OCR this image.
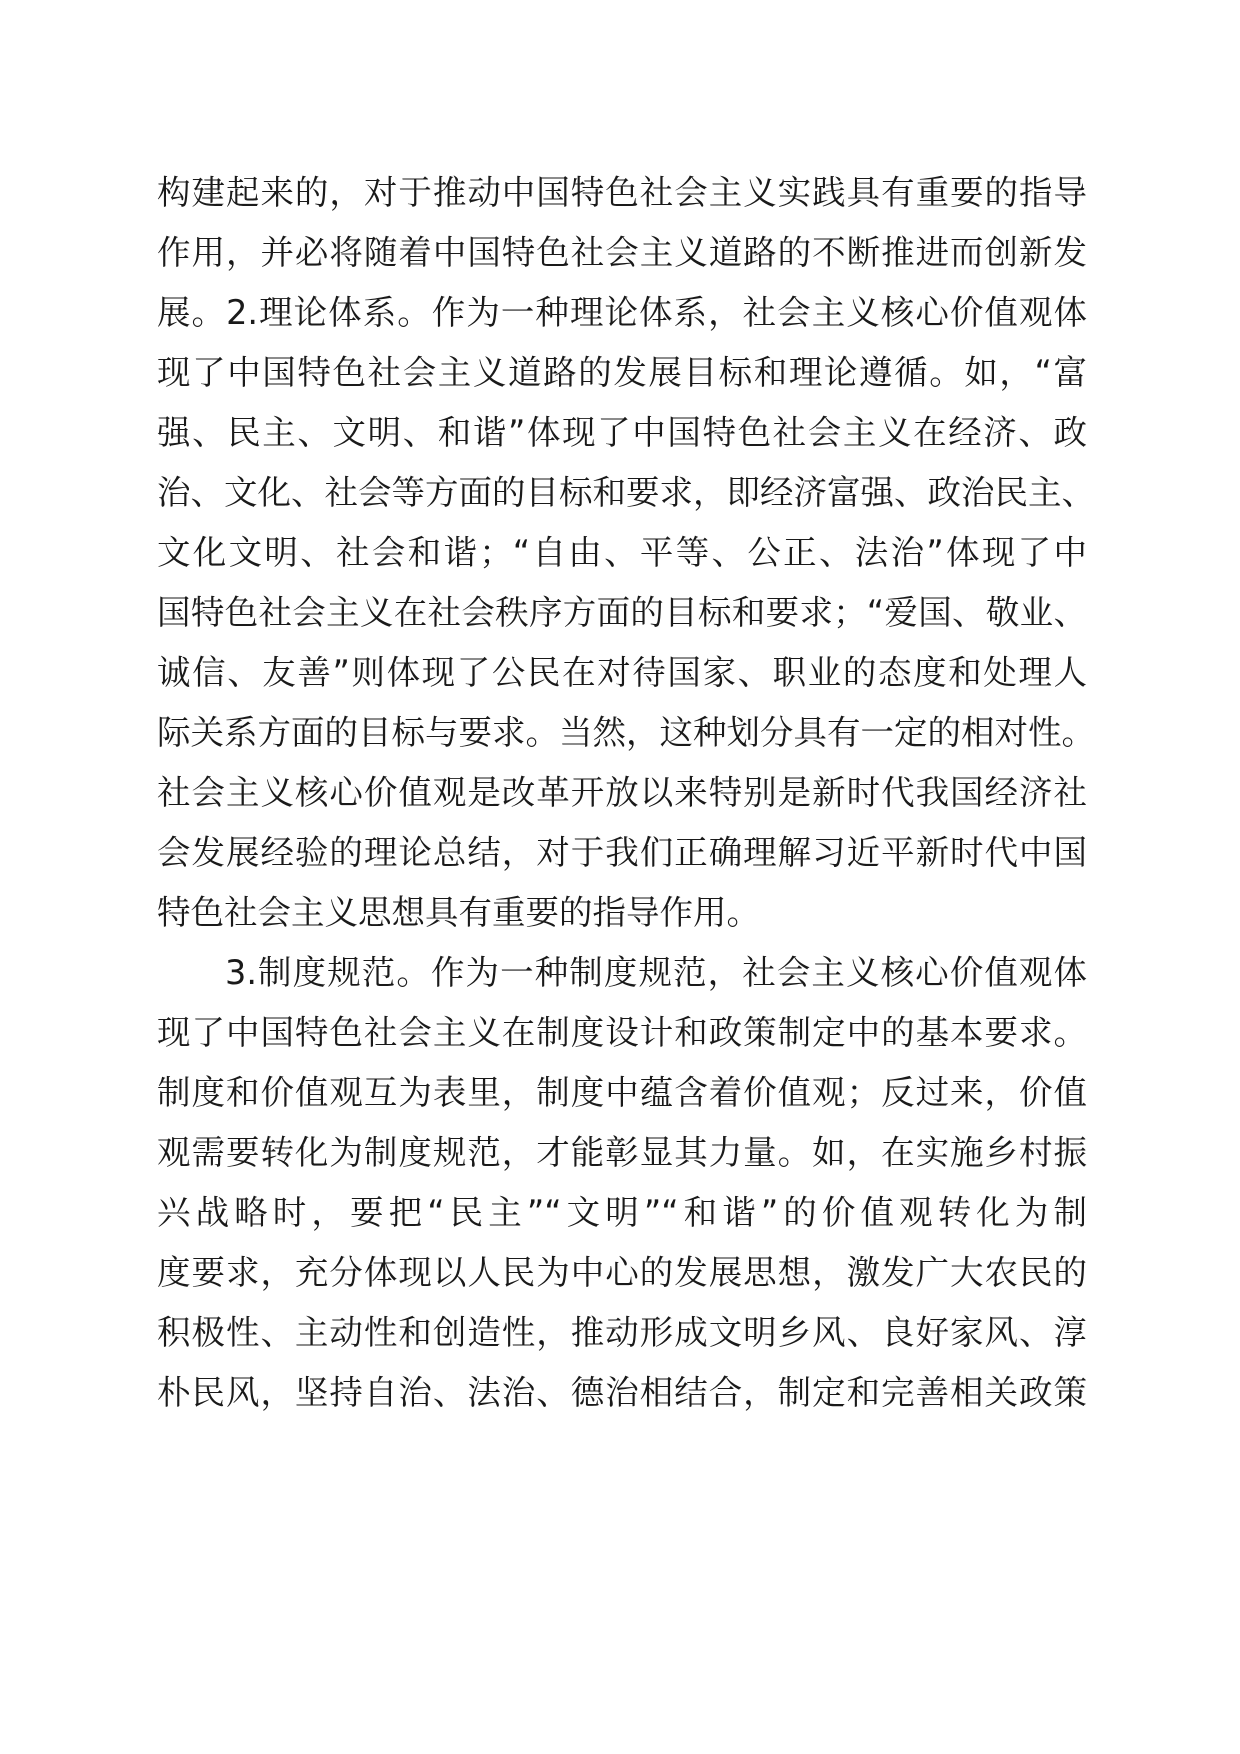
构建起来的，对于推动中国特色社会主义实践具有重要的指导
作用，并必将随着中国特色社会主义道路的不断推进而创新发
展。2.理论体系。作为一种理论体系，社会主义核心价值观体
现了中国特色社会主义道路的发展目标和理论遵循。如，“富
强、民主、文明、和谐”体现了中国特色社会主义在经济、政
治、文化、社会等方面的目标和要求，即经济富强、政治民主、
文化文明、社会和谐；“自由、平等、公正、法治”体现了中
国特色社会主义在社会秩序方面的目标和要求；“爱国、敬业、
诚信、友善”则体现了公民在对待国家、职业的态度和处理人
际关系方面的目标与要求。当然，这种划分具有一定的相对性。
社会主义核心价值观是改革开放以来特别是新时代我国经济社
会发展经验的理论总结，对于我们正确理解习近平新时代中国
特色社会主义思想具有重要的指导作用。
3.制度规范。作为一种制度规范，社会主义核心价值观体
现了中国特色社会主义在制度设计和政策制定中的基本要求。
制度和价值观互为表里，制度中蕴含着价值观；反过来，价值
观需要转化为制度规范，才能彰显其力量。如，在实施乡村振
兴战略时，要把“民主”“文明”“和谐”的价值观转化为制
度要求，充分体现以人民为中心的发展思想，激发广大农民的
积极性、主动性和创造性，推动形成文明乡风、良好家风、淳
朴民风，坚持自治、法治、德治相结合，制定和完善相关政策
